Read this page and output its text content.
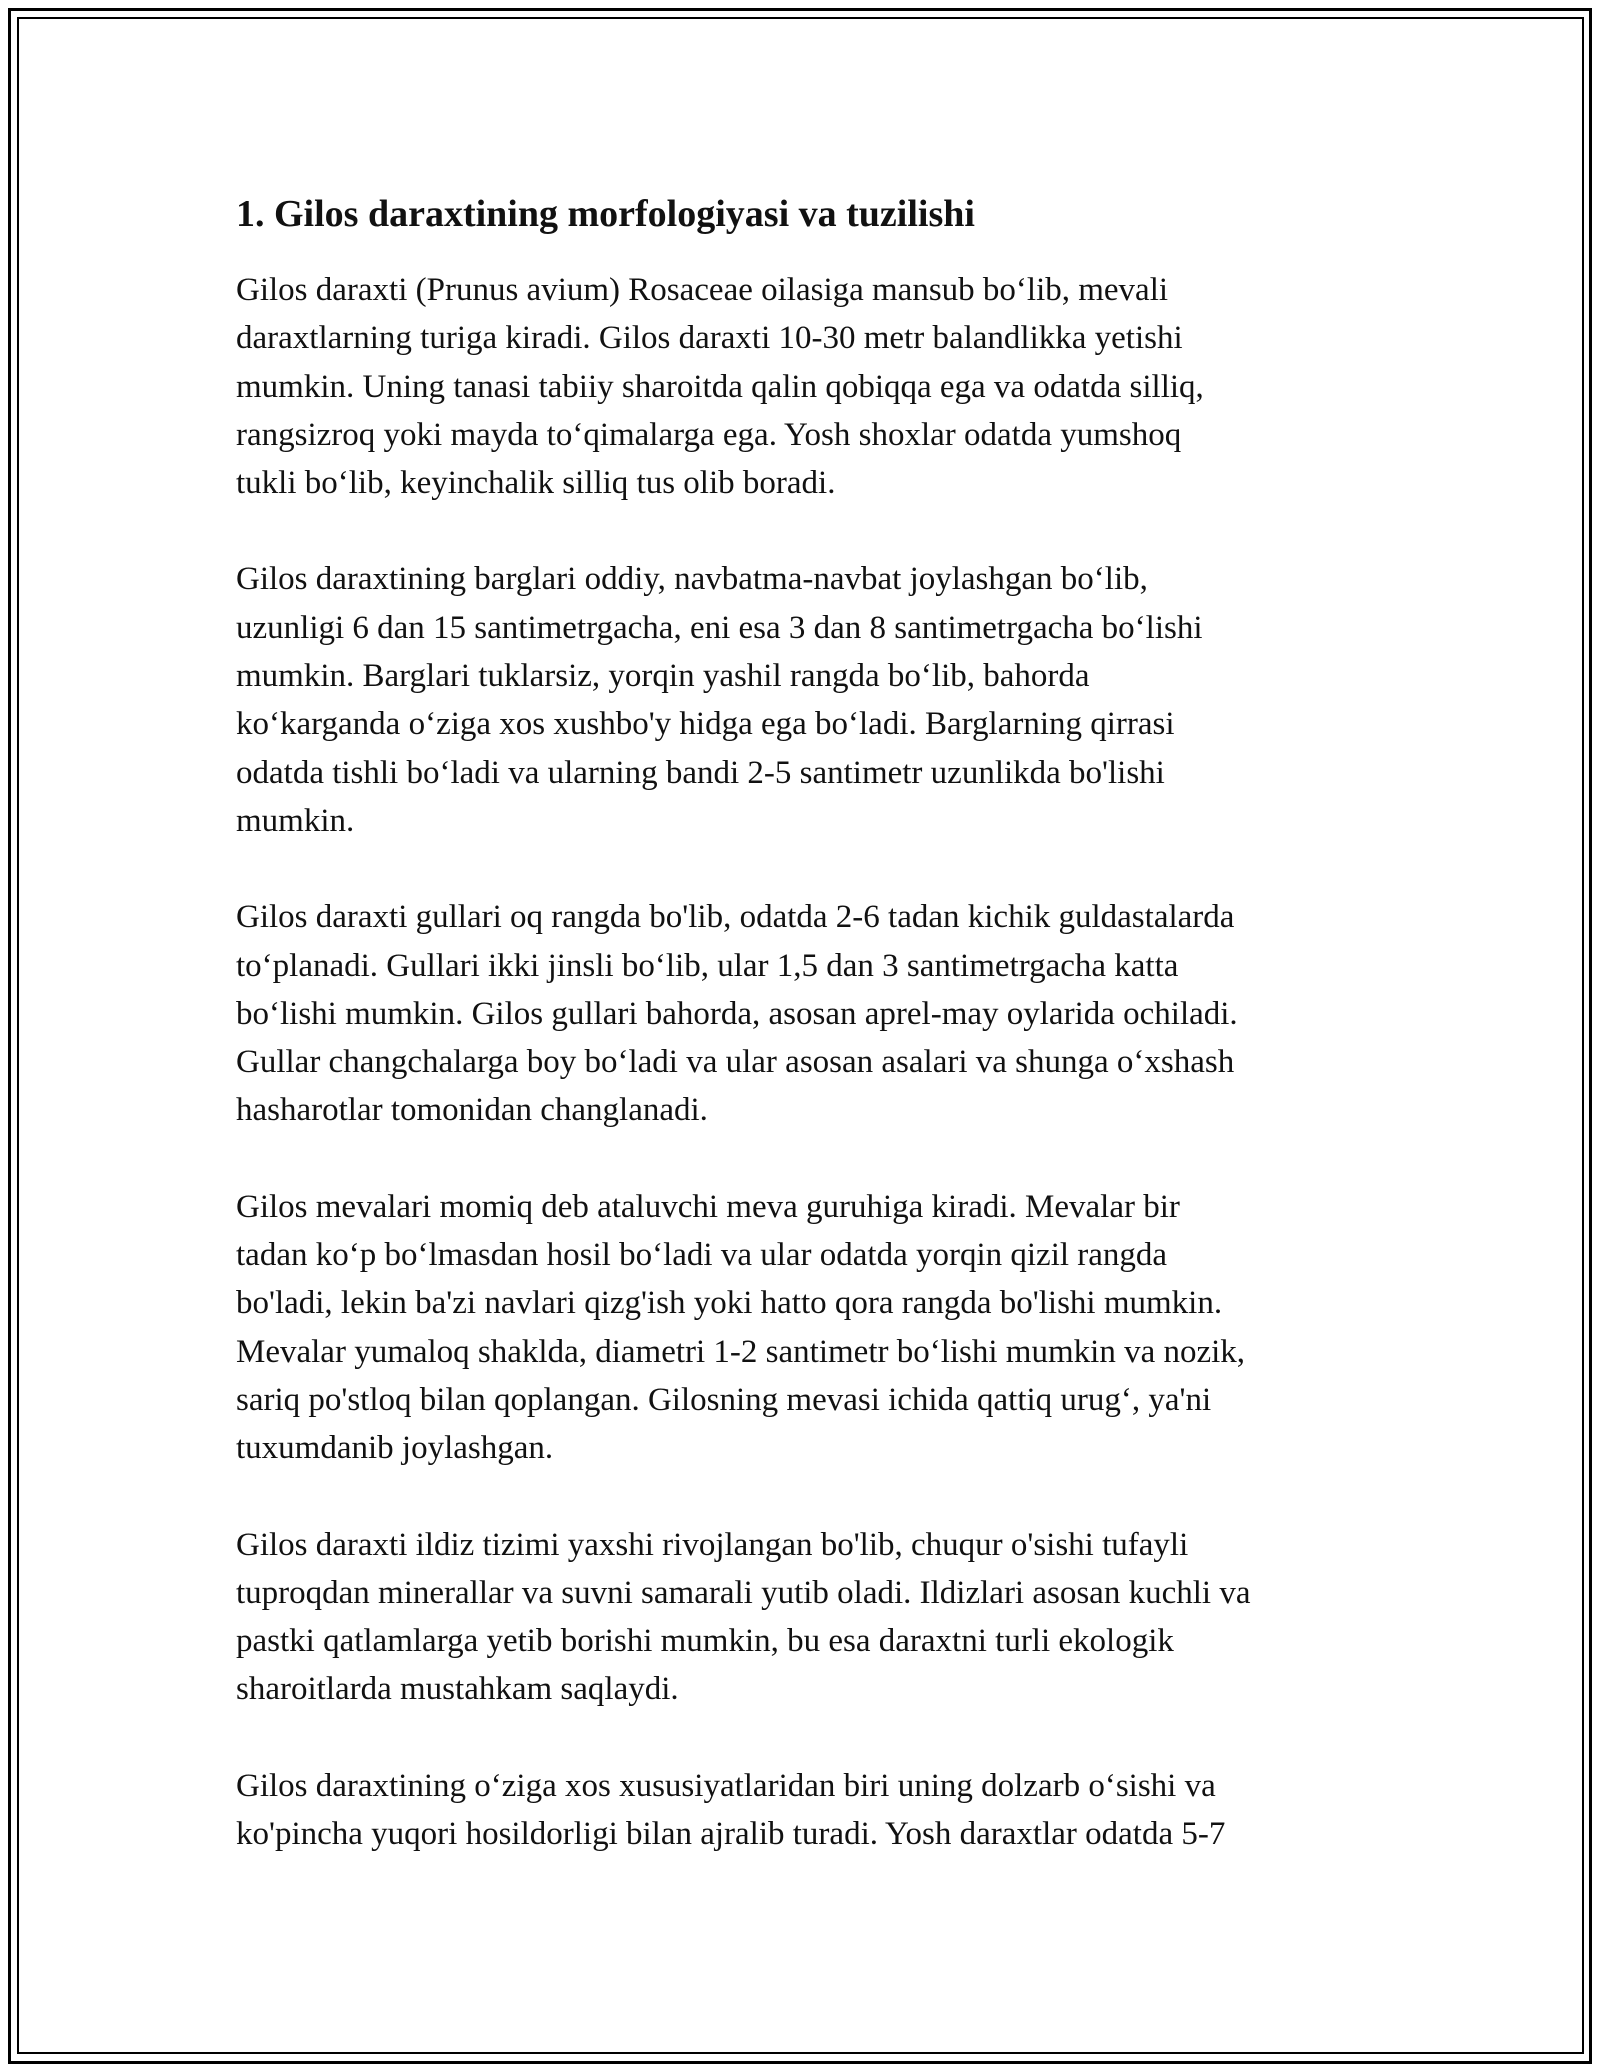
1. Gilos daraxtining morfologiyasi va tuzilishi

Gilos daraxti (Prunus avium) Rosaceae oilasiga mansub bo‘lib, mevali
daraxtlarning turiga kiradi. Gilos daraxti 10-30 metr balandlikka yetishi
mumkin. Uning tanasi tabiiy sharoitda qalin qobiqqa ega va odatda silliq,
rangsizroq yoki mayda to‘qimalarga ega. Yosh shoxlar odatda yumshoq
tukli bo‘lib, keyinchalik silliq tus olib boradi.

Gilos daraxtining barglari oddiy, navbatma-navbat joylashgan bo‘lib,
uzunligi 6 dan 15 santimetrgacha, eni esa 3 dan 8 santimetrgacha bo‘lishi
mumkin. Barglari tuklarsiz, yorqin yashil rangda bo‘lib, bahorda
ko‘karganda o‘ziga xos xushbo'y hidga ega bo‘ladi. Barglarning qirrasi
odatda tishli bo‘ladi va ularning bandi 2-5 santimetr uzunlikda bo'lishi
mumkin.

Gilos daraxti gullari oq rangda bo'lib, odatda 2-6 tadan kichik guldastalarda
to‘planadi. Gullari ikki jinsli bo‘lib, ular 1,5 dan 3 santimetrgacha katta
bo‘lishi mumkin. Gilos gullari bahorda, asosan aprel-may oylarida ochiladi.
Gullar changchalarga boy bo‘ladi va ular asosan asalari va shunga o‘xshash
hasharotlar tomonidan changlanadi.

Gilos mevalari momiq deb ataluvchi meva guruhiga kiradi. Mevalar bir
tadan ko‘p bo‘lmasdan hosil bo‘ladi va ular odatda yorqin qizil rangda
bo'ladi, lekin ba'zi navlari qizg'ish yoki hatto qora rangda bo'lishi mumkin.
Mevalar yumaloq shakldа, diametri 1-2 santimetr bo‘lishi mumkin va nozik,
sariq po'stloq bilan qoplangan. Gilosning mevasi ichida qattiq urug‘, ya'ni
tuxumdanib joylashgan.

Gilos daraxti ildiz tizimi yaxshi rivojlangan bo'lib, chuqur o'sishi tufayli
tuproqdan minerallar va suvni samarali yutib oladi. Ildizlari asosan kuchli va
pastki qatlamlarga yetib borishi mumkin, bu esa daraxtni turli ekologik
sharoitlarda mustahkam saqlaydi.

Gilos daraxtining o‘ziga xos xususiyatlaridan biri uning dolzarb o‘sishi va
ko'pincha yuqori hosildorligi bilan ajralib turadi. Yosh daraxtlar odatda 5-7
